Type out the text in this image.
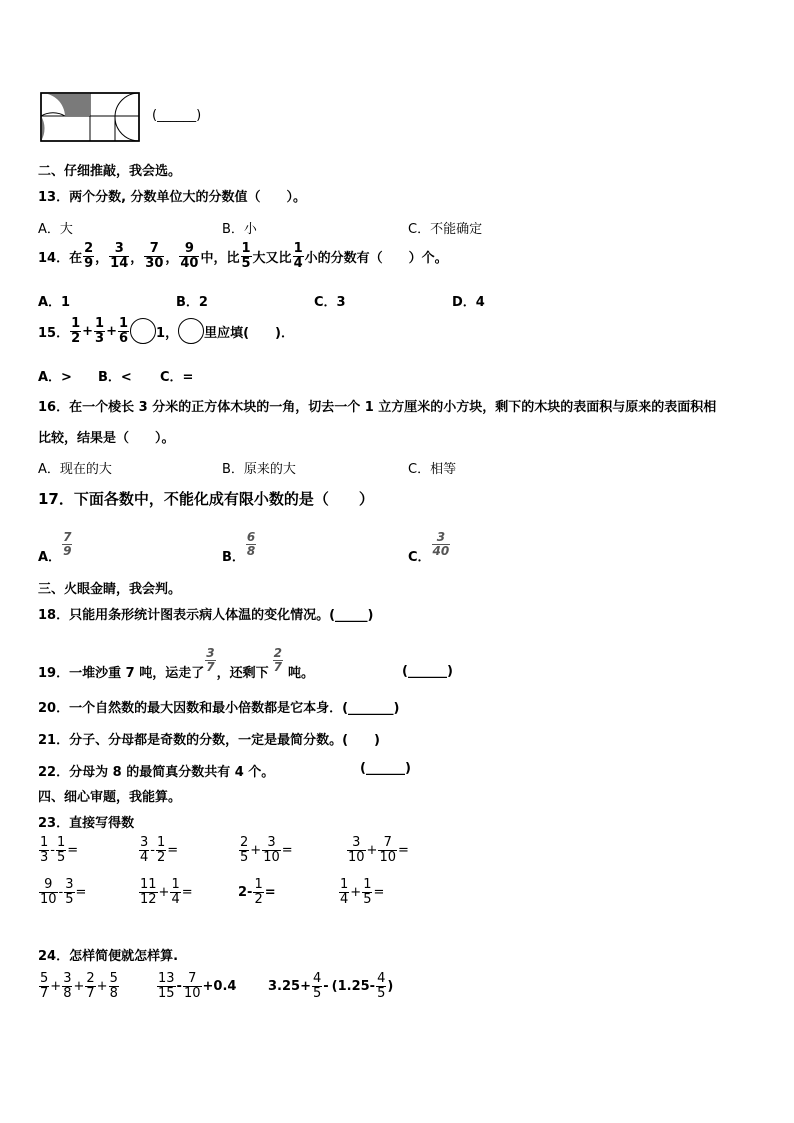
(______)
二、仔细推敲，我会选。
13．两个分数, 分数单位大的分数值（　　）。
A．大	B．小	C．不能确定
14． 在 $\frac{2}{9}$ ， $\frac{3}{14}$ ， $\frac{7}{30}$ ， $\frac{9}{40}$ 中，比 $\frac{1}{5}$ 大又比 $\frac{1}{4}$ 小的分数有（　　）个。
A．1	B．2	C．3	D．4
15． $\frac{1}{2} + \frac{1}{3} + \frac{1}{6} 1$， 里应填(　　)．
A．> B．< C．=
16．在一个棱长 3 分米的正方体木块的一角，切去一个 1 立方厘米的小方块，剩下的木块的表面积与原来的表面积相
比较，结果是（　　）。
A．现在的大	B．原来的大	C．相等
17．下面各数中，不能化成有限小数的是（　　）
A． $\frac{7}{9}$	B． $\frac{6}{8}$	C． $\frac{3}{40}$
三、火眼金睛，我会判。
18．只能用条形统计图表示病人体温的变化情况。(_____)
19． 一堆沙重 7 吨，运走了 $\frac{3}{7}$ ，还剩下 $\frac{2}{7}$ 吨。	(______)
20．一个自然数的最大因数和最小倍数都是它本身．(_______)
21．分子、分母都是奇数的分数，一定是最简分数。(　　)
22．分母为 8 的最简真分数共有 4 个。	(______)
四、细心审题，我能算。
23．直接写得数
$\frac{1}{3} - \frac{1}{5}$ =	$\frac{3}{4} - \frac{1}{2}$ =	$\frac{2}{5} + \frac{3}{10}$ =	$\frac{3}{10} + \frac{7}{10}$ =
$\frac{9}{10} - \frac{3}{5}$ =	$\frac{11}{12} + \frac{1}{4}$ =	$2- \frac{1}{2}$ =	$\frac{1}{4} + \frac{1}{5}$ =
24．怎样简便就怎样算.
$\frac{5}{7} + \frac{3}{8} + \frac{2}{7} + \frac{5}{8}$	$\frac{13}{15} - \frac{7}{10} +0.4$ $3.25+ \frac{4}{5} - (1.25- \frac{4}{5}$ )
